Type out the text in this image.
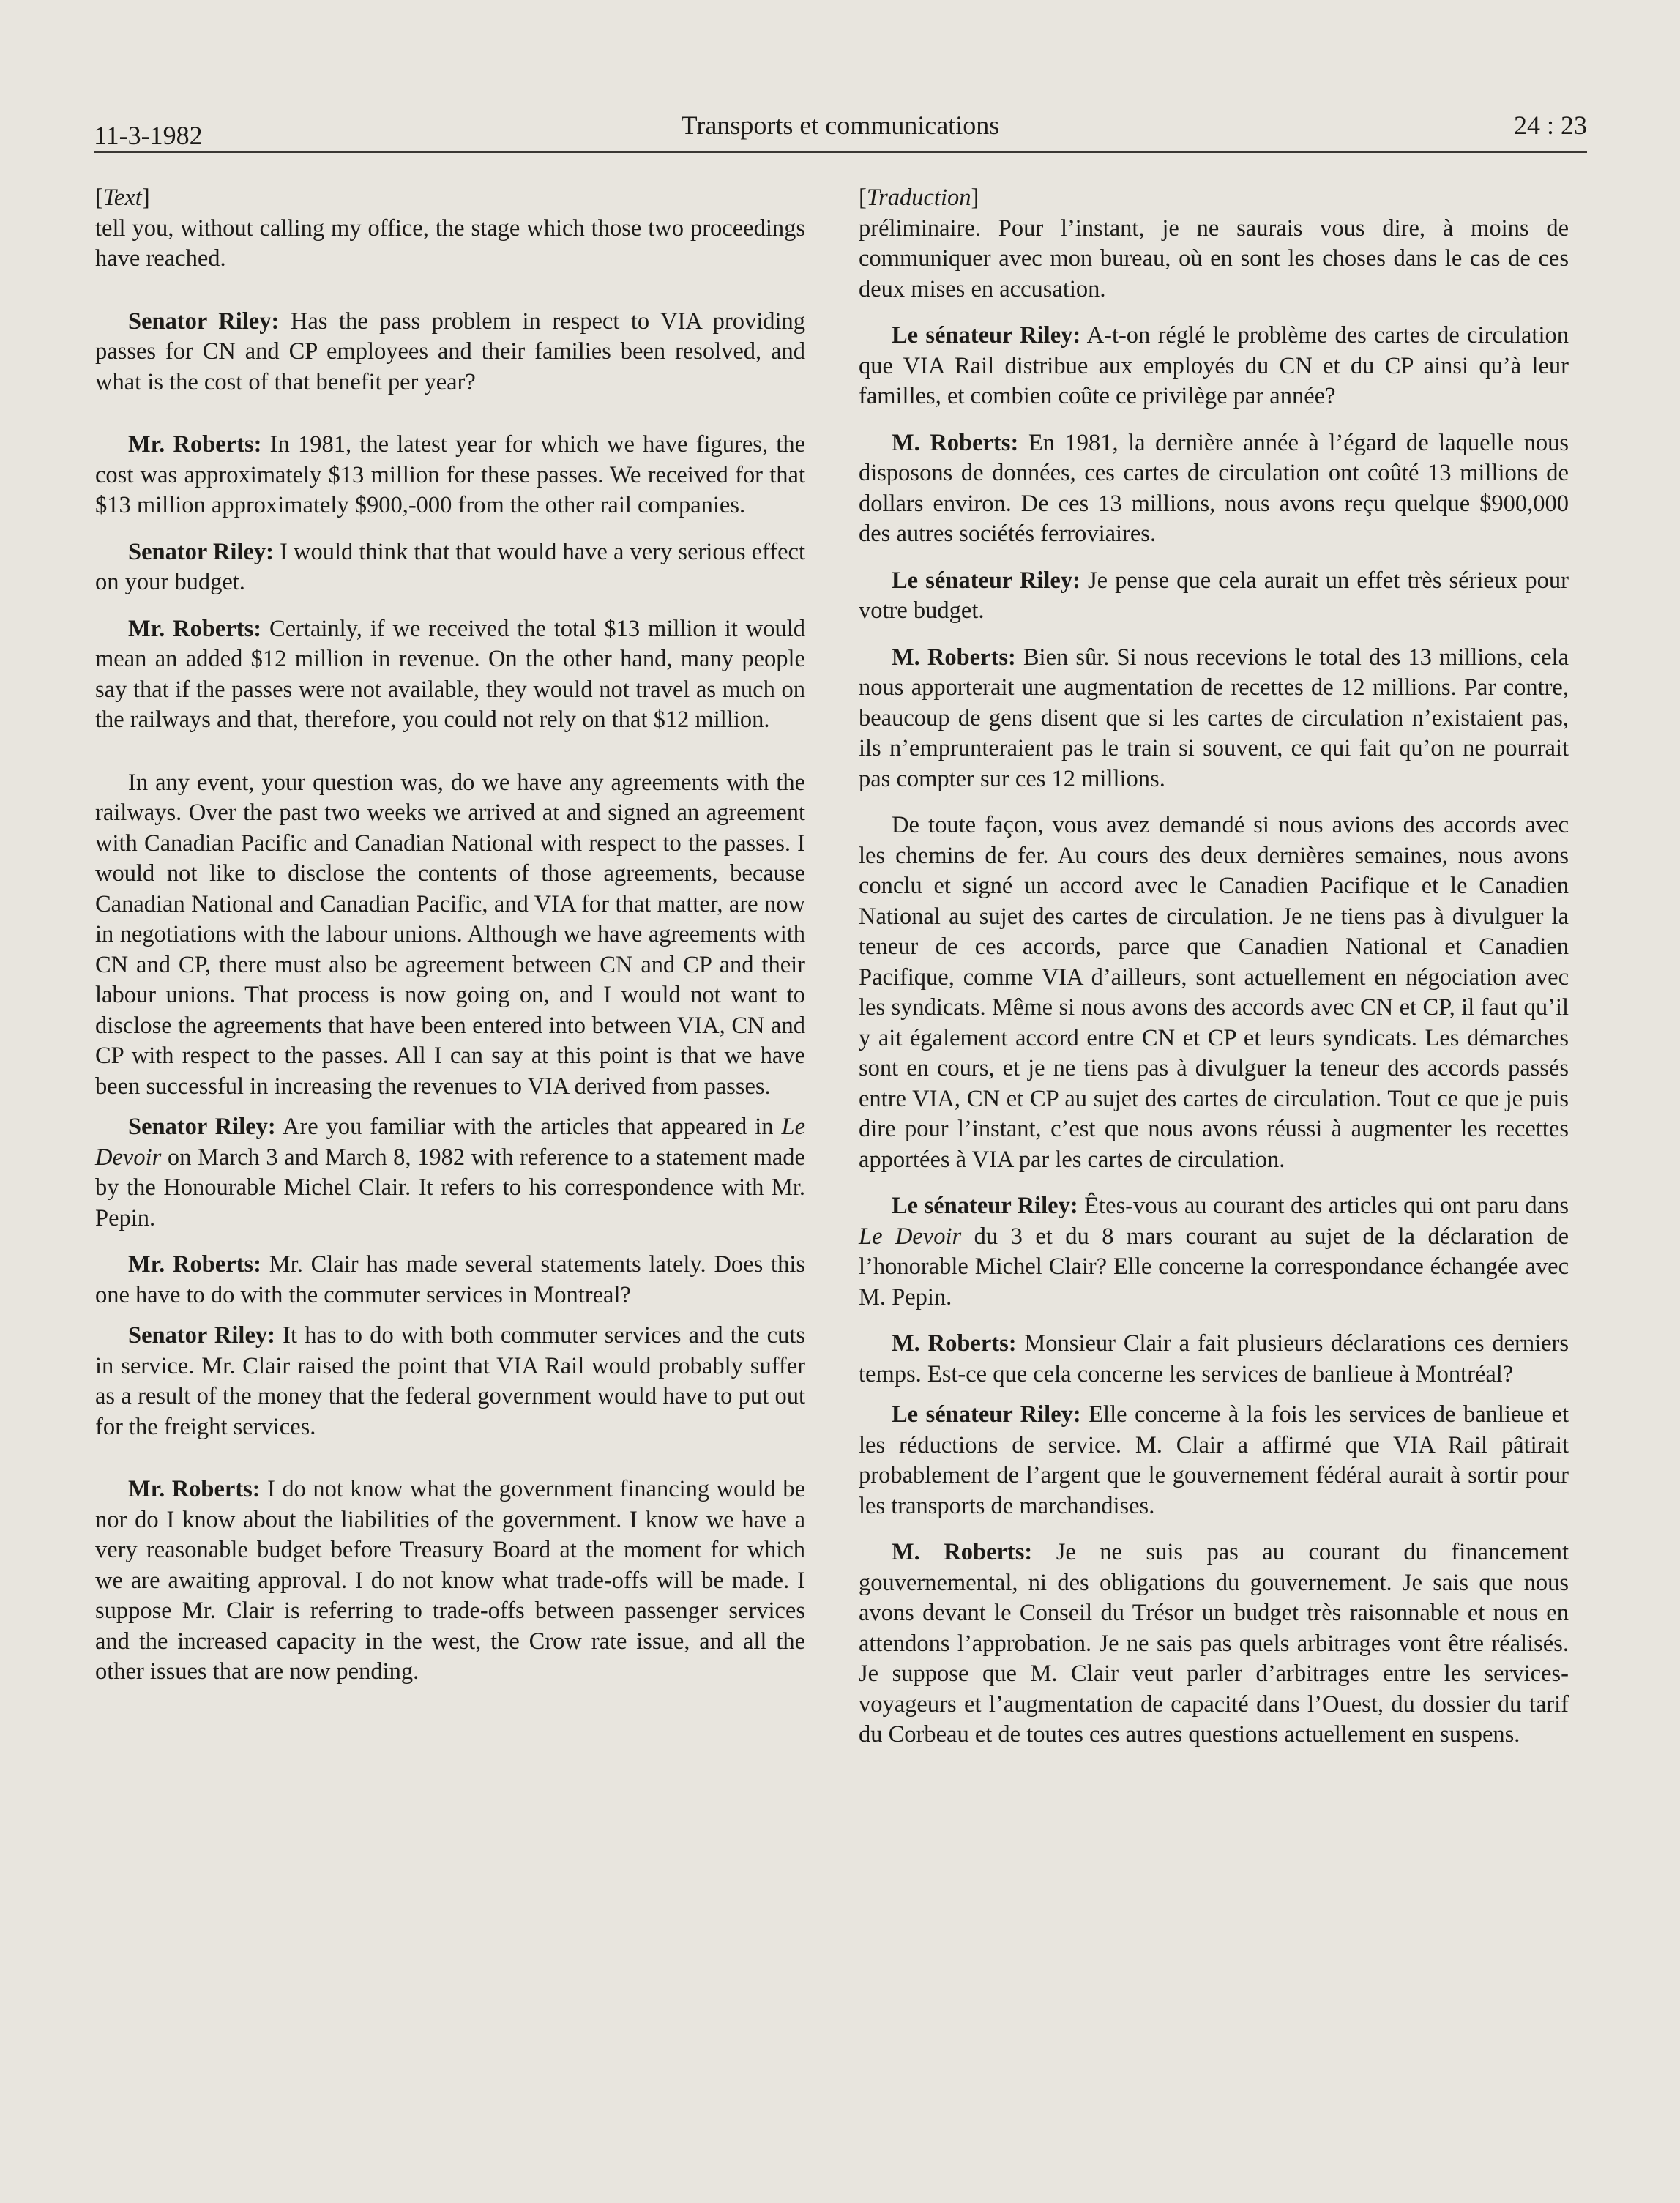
11-3-1982	Transports et communications	24 : 23
[Text]

tell you, without calling my office, the stage which those two proceedings have reached.

Senator Riley: Has the pass problem in respect to VIA providing passes for CN and CP employees and their families been resolved, and what is the cost of that benefit per year?

Mr. Roberts: In 1981, the latest year for which we have figures, the cost was approximately $13 million for these passes. We received for that $13 million approximately $900,-000 from the other rail companies.

Senator Riley: I would think that that would have a very serious effect on your budget.

Mr. Roberts: Certainly, if we received the total $13 million it would mean an added $12 million in revenue. On the other hand, many people say that if the passes were not available, they would not travel as much on the railways and that, therefore, you could not rely on that $12 million.

In any event, your question was, do we have any agreements with the railways. Over the past two weeks we arrived at and signed an agreement with Canadian Pacific and Canadian National with respect to the passes. I would not like to disclose the contents of those agreements, because Canadian National and Canadian Pacific, and VIA for that matter, are now in negotiations with the labour unions. Although we have agreements with CN and CP, there must also be agreement between CN and CP and their labour unions. That process is now going on, and I would not want to disclose the agreements that have been entered into between VIA, CN and CP with respect to the passes. All I can say at this point is that we have been successful in increasing the revenues to VIA derived from passes.

Senator Riley: Are you familiar with the articles that appeared in Le Devoir on March 3 and March 8, 1982 with reference to a statement made by the Honourable Michel Clair. It refers to his correspondence with Mr. Pepin.

Mr. Roberts: Mr. Clair has made several statements lately. Does this one have to do with the commuter services in Montreal?

Senator Riley: It has to do with both commuter services and the cuts in service. Mr. Clair raised the point that VIA Rail would probably suffer as a result of the money that the federal government would have to put out for the freight services.

Mr. Roberts: I do not know what the government financing would be nor do I know about the liabilities of the government. I know we have a very reasonable budget before Treasury Board at the moment for which we are awaiting approval. I do not know what trade-offs will be made. I suppose Mr. Clair is referring to trade-offs between passenger services and the increased capacity in the west, the Crow rate issue, and all the other issues that are now pending.

[Traduction]

préliminaire. Pour l’instant, je ne saurais vous dire, à moins de communiquer avec mon bureau, où en sont les choses dans le cas de ces deux mises en accusation.

Le sénateur Riley: A-t-on réglé le problème des cartes de circulation que VIA Rail distribue aux employés du CN et du CP ainsi qu’à leur familles, et combien coûte ce privilège par année?

M. Roberts: En 1981, la dernière année à l’égard de laquelle nous disposons de données, ces cartes de circulation ont coûté 13 millions de dollars environ. De ces 13 millions, nous avons reçu quelque $900,000 des autres sociétés ferroviaires.

Le sénateur Riley: Je pense que cela aurait un effet très sérieux pour votre budget.

M. Roberts: Bien sûr. Si nous recevions le total des 13 millions, cela nous apporterait une augmentation de recettes de 12 millions. Par contre, beaucoup de gens disent que si les cartes de circulation n’existaient pas, ils n’emprunteraient pas le train si souvent, ce qui fait qu’on ne pourrait pas compter sur ces 12 millions.

De toute façon, vous avez demandé si nous avions des accords avec les chemins de fer. Au cours des deux dernières semaines, nous avons conclu et signé un accord avec le Canadien Pacifique et le Canadien National au sujet des cartes de circulation. Je ne tiens pas à divulguer la teneur de ces accords, parce que Canadien National et Canadien Pacifique, comme VIA d’ailleurs, sont actuellement en négociation avec les syndicats. Même si nous avons des accords avec CN et CP, il faut qu’il y ait également accord entre CN et CP et leurs syndicats. Les démarches sont en cours, et je ne tiens pas à divulguer la teneur des accords passés entre VIA, CN et CP au sujet des cartes de circulation. Tout ce que je puis dire pour l’instant, c’est que nous avons réussi à augmenter les recettes apportées à VIA par les cartes de circulation.

Le sénateur Riley: Êtes-vous au courant des articles qui ont paru dans Le Devoir du 3 et du 8 mars courant au sujet de la déclaration de l’honorable Michel Clair? Elle concerne la correspondance échangée avec M. Pepin.

M. Roberts: Monsieur Clair a fait plusieurs déclarations ces derniers temps. Est-ce que cela concerne les services de banlieue à Montréal?

Le sénateur Riley: Elle concerne à la fois les services de banlieue et les réductions de service. M. Clair a affirmé que VIA Rail pâtirait probablement de l’argent que le gouvernement fédéral aurait à sortir pour les transports de marchandises.

M. Roberts: Je ne suis pas au courant du financement gouvernemental, ni des obligations du gouvernement. Je sais que nous avons devant le Conseil du Trésor un budget très raisonnable et nous en attendons l’approbation. Je ne sais pas quels arbitrages vont être réalisés. Je suppose que M. Clair veut parler d’arbitrages entre les services-voyageurs et l’augmentation de capacité dans l’Ouest, du dossier du tarif du Corbeau et de toutes ces autres questions actuellement en suspens.
